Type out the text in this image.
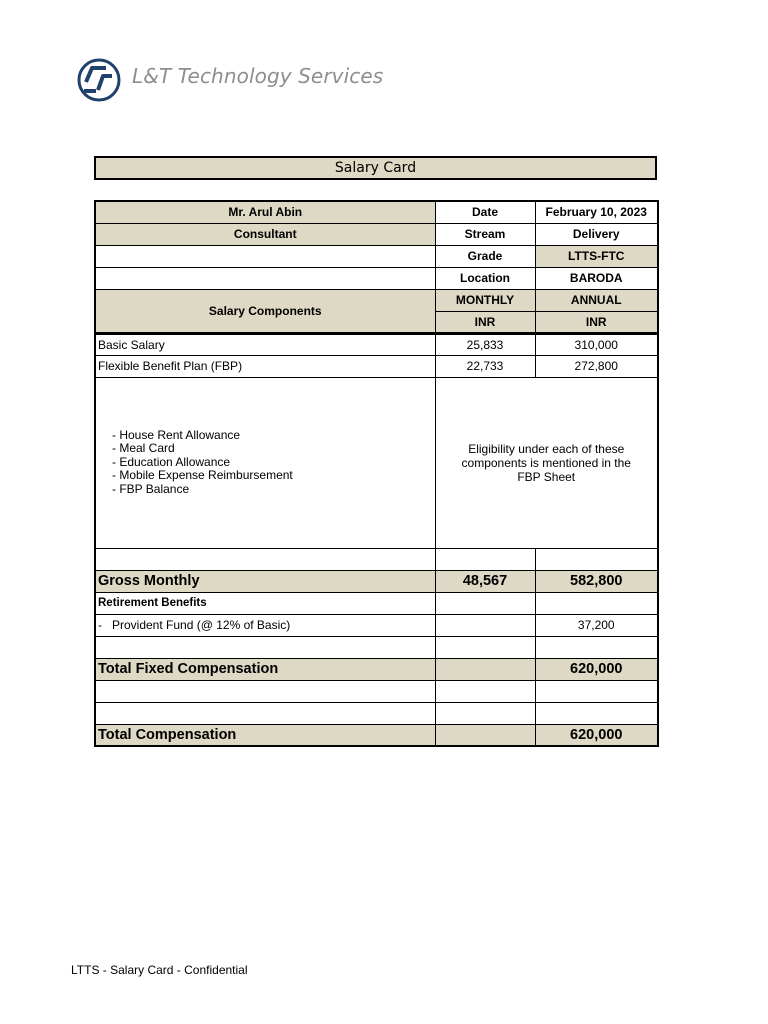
L&T Technology Services
Salary Card
Mr. Arul Abin	Date	February 10, 2023
Consultant	Stream	Delivery
	Grade	LTTS-FTC
	Location	BARODA
Salary Components	MONTHLY	ANNUAL
	INR	INR
Basic Salary	25,833	310,000
Flexible Benefit Plan (FBP)	22,733	272,800

- House Rent Allowance
- Meal Card
- Education Allowance
- Mobile Expense Reimbursement
- FBP Balance	Eligibility under each of these components is mentioned in the FBP Sheet	

Gross Monthly	48,567	582,800
Retirement Benefits		
-   Provident Fund (@ 12% of Basic)		37,200

Total Fixed Compensation		620,000

Total Compensation		620,000
LTTS - Salary Card - Confidential
